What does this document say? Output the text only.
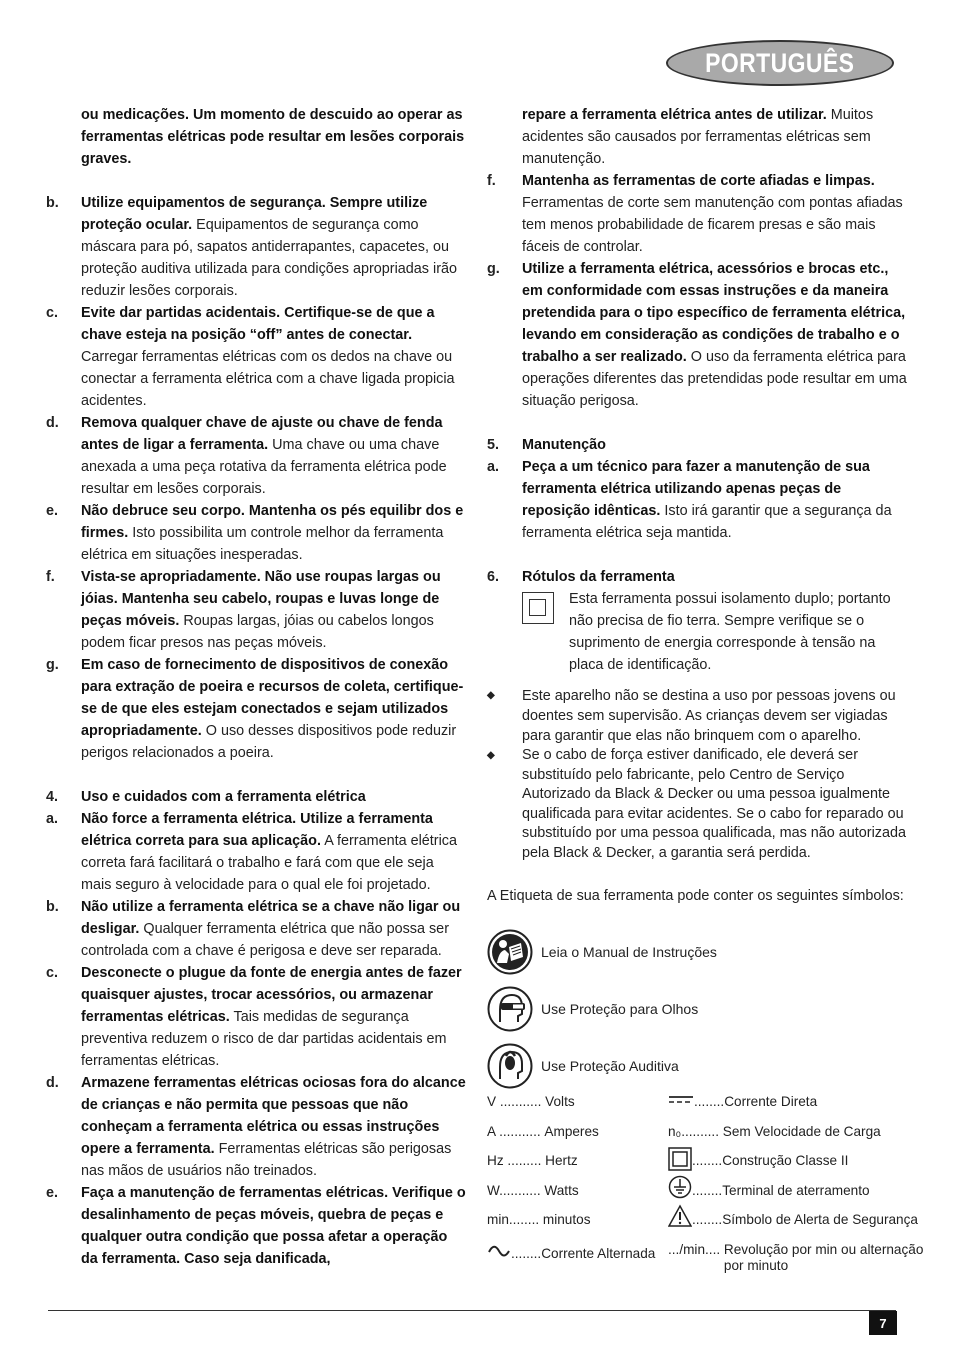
PORTUGUÊS
ou medicações. Um momento de descuido ao operar as ferramentas elétricas pode resultar em lesões corporais graves.
b. Utilize equipamentos de segurança. Sempre utilize proteção ocular. Equipamentos de segurança como máscara para pó, sapatos antiderrapantes, capacetes, ou proteção auditiva utilizada para condições apropriadas irão reduzir lesões corporais.
c. Evite dar partidas acidentais. Certifique-se de que a chave esteja na posição “off” antes de conectar. Carregar ferramentas elétricas com os dedos na chave ou conectar a ferramenta elétrica com a chave ligada propicia acidentes.
d. Remova qualquer chave de ajuste ou chave de fenda antes de ligar a ferramenta. Uma chave ou uma chave anexada a uma peça rotativa da ferramenta elétrica pode resultar em lesões corporais.
e. Não debruce seu corpo. Mantenha os pés equilibr dos e firmes. Isto possibilita um controle melhor da ferramenta elétrica em situações inesperadas.
f. Vista-se apropriadamente. Não use roupas largas ou jóias. Mantenha seu cabelo, roupas e luvas longe de peças móveis. Roupas largas, jóias ou cabelos longos podem ficar presos nas peças móveis.
g. Em caso de fornecimento de dispositivos de conexão para extração de poeira e recursos de coleta, certifique-se de que eles estejam conectados e sejam utilizados apropriadamente. O uso desses dispositivos pode reduzir perigos relacionados a poeira.
4. Uso e cuidados com a ferramenta elétrica
a. Não force a ferramenta elétrica. Utilize a ferramenta elétrica correta para sua aplicação. A ferramenta elétrica correta fará facilitará o trabalho e fará com que ele seja mais seguro à velocidade para o qual ele foi projetado.
b. Não utilize a ferramenta elétrica se a chave não ligar ou desligar. Qualquer ferramenta elétrica que não possa ser controlada com a chave é perigosa e deve ser reparada.
c. Desconecte o plugue da fonte de energia antes de fazer quaisquer ajustes, trocar acessórios, ou armazenar ferramentas elétricas. Tais medidas de segurança preventiva reduzem o risco de dar partidas acidentais em ferramentas elétricas.
d. Armazene ferramentas elétricas ociosas fora do alcance de crianças e não permita que pessoas que não conheçam a ferramenta elétrica ou essas instruções opere a ferramenta. Ferramentas elétricas são perigosas nas mãos de usuários não treinados.
e. Faça a manutenção de ferramentas elétricas. Verifique o desalinhamento de peças móveis, quebra de peças e qualquer outra condição que possa afetar a operação da ferramenta. Caso seja danificada,
repare a ferramenta elétrica antes de utilizar. Muitos acidentes são causados por ferramentas elétricas sem manutenção.
f. Mantenha as ferramentas de corte afiadas e limpas. Ferramentas de corte sem manutenção com pontas afiadas tem menos probabilidade de ficarem presas e são mais fáceis de controlar.
g. Utilize a ferramenta elétrica, acessórios e brocas etc., em conformidade com essas instruções e da maneira pretendida para o tipo específico de ferramenta elétrica, levando em consideração as condições de trabalho e o trabalho a ser realizado. O uso da ferramenta elétrica para operações diferentes das pretendidas pode resultar em uma situação perigosa.
5. Manutenção
a. Peça a um técnico para fazer a manutenção de sua ferramenta elétrica utilizando apenas peças de reposição idênticas. Isto irá garantir que a segurança da ferramenta elétrica seja mantida.
6. Rótulos da ferramenta
Esta ferramenta possui isolamento duplo; portanto não precisa de fio terra. Sempre verifique se o suprimento de energia corresponde à tensão na placa de identificação.
◆ Este aparelho não se destina a uso por pessoas jovens ou doentes sem supervisão. As crianças devem ser vigiadas para garantir que elas não brinquem com o aparelho.
◆ Se o cabo de força estiver danificado, ele deverá ser substituído pelo fabricante, pelo Centro de Serviço Autorizado da Black & Decker ou uma pessoa igualmente qualificada para evitar acidentes. Se o cabo for reparado ou substituído por uma pessoa qualificada, mas não autorizada pela Black & Decker, a garantia será perdida.
A Etiqueta de sua ferramenta pode conter os seguintes símbolos:
Leia o Manual de Instruções
Use Proteção para Olhos
Use Proteção Auditiva
V ...........
Volts
A ...........
Amperes
Hz .........
Hertz
W...........
Watts
min........
minutos
........ Corrente Alternada
........ Corrente Direta
n₀..........
Sem Velocidade de Carga
........ Construção Classe II
........ Terminal de aterramento
........ Símbolo de Alerta de Segurança
.../min....
Revolução por min ou alternação por minuto
7
